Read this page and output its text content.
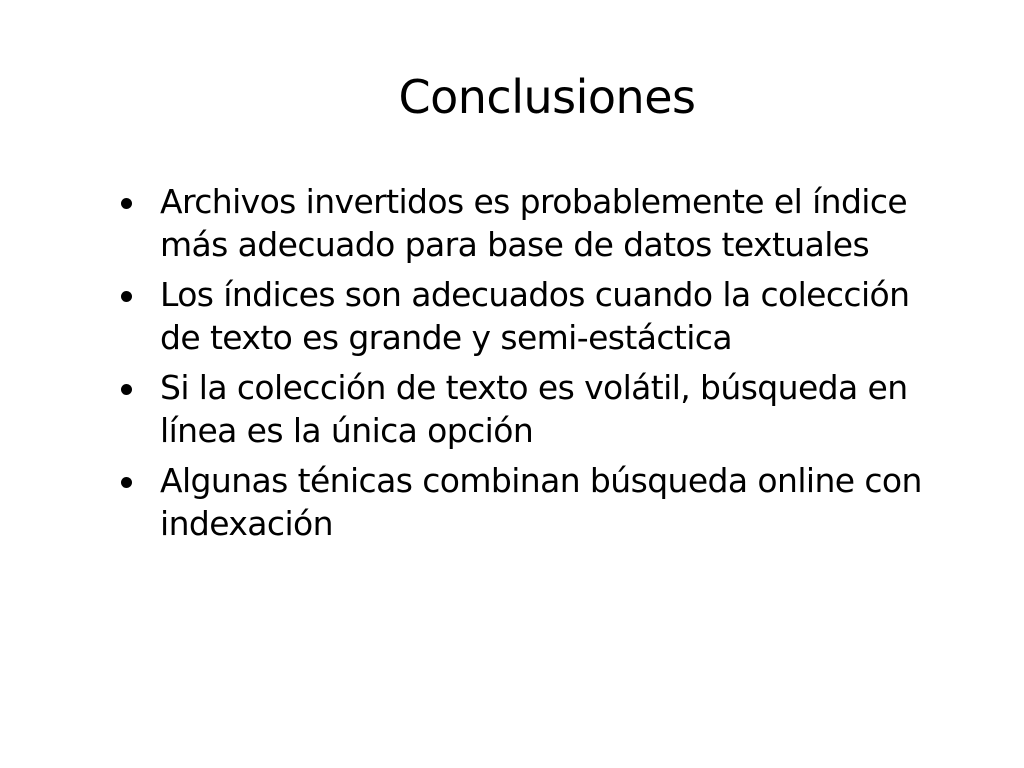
Conclusiones
Archivos invertidos es probablemente el índice más adecuado para base de datos textuales
Los índices son adecuados cuando la colección de texto es grande y semi-estáctica
Si la colección de texto es volátil, búsqueda en línea es la única opción
Algunas ténicas combinan búsqueda online con indexación
